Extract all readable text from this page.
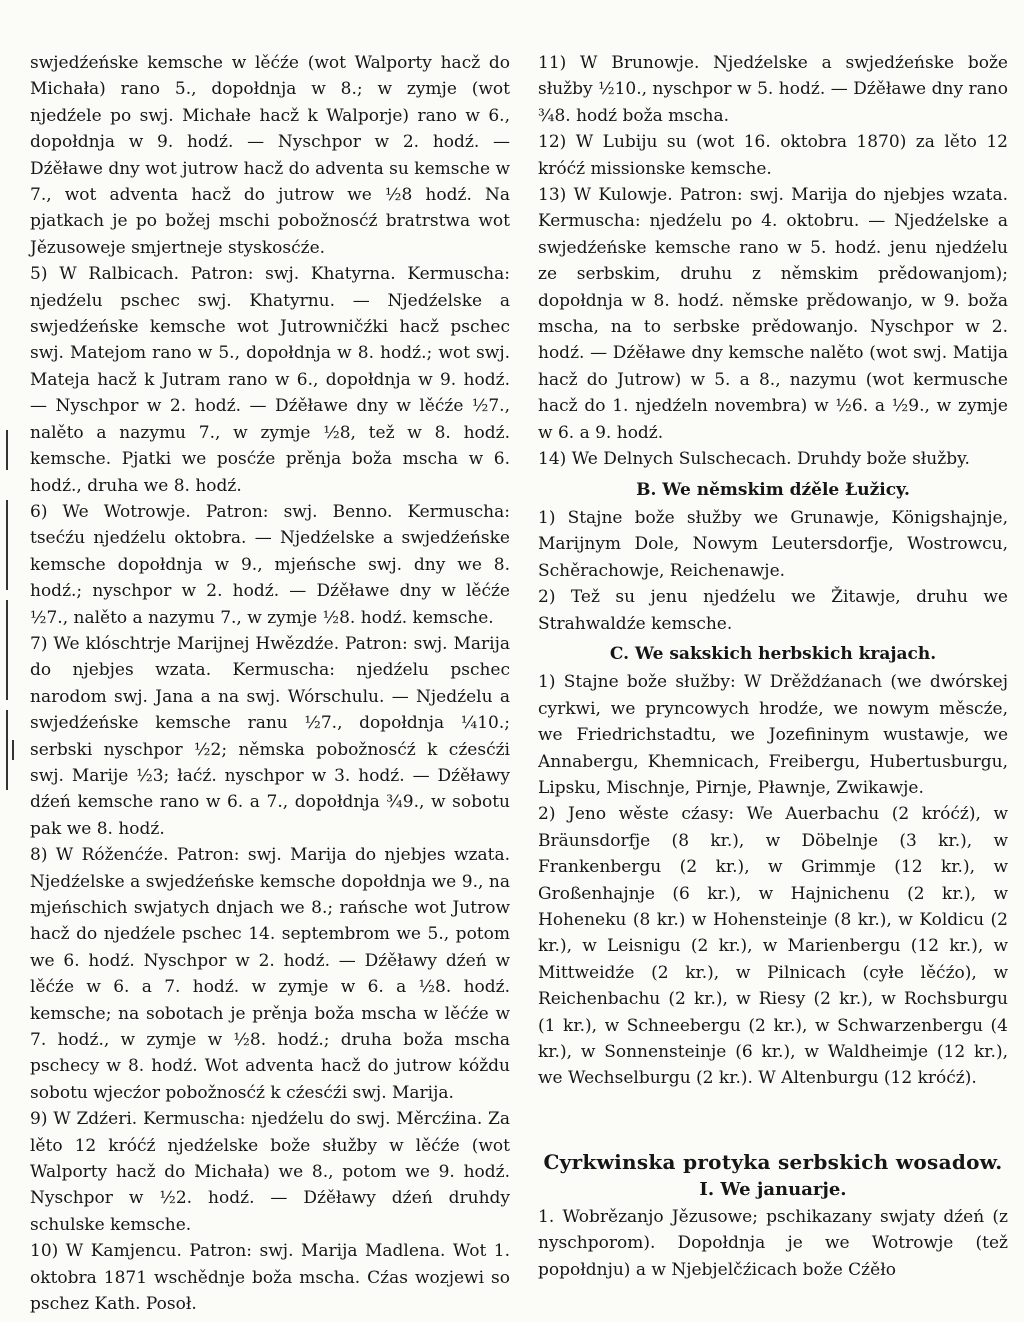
swjedźeńske kemsche w lěćźe (wot Walporty hacž do Michała) rano 5., dopołdnja w 8.; w zymje (wot njedźele po swj. Michałe hacž k Walporje) rano w 6., dopołdnja w 9. hodź. — Nyschpor w 2. hodź. — Dźěławe dny wot jutrow hacž do adventa su kemsche w 7., wot adventa hacž do jutrow we ½8 hodź. Na pjatkach je po božej mschi pobožnosćź bratrstwa wot Jězusoweje smjertneje styskosćźe.

5) W Ralbicach. Patron: swj. Khatyrna. Kermuscha: njedźelu pschec swj. Khatyrnu. — Njedźelske a swjedźeńske kemsche wot Jutrowničźki hacž pschec swj. Matejom rano w 5., dopołdnja w 8. hodź.; wot swj. Mateja hacž k Jutram rano w 6., dopołdnja w 9. hodź. — Nyschpor w 2. hodź. — Dźěławe dny w lěćźe ½7., nalěto a nazymu 7., w zymje ½8, tež w 8. hodź. kemsche. Pjatki we posćźe prěnja boža mscha w 6. hodź., druha we 8. hodź.

6) We Wotrowje. Patron: swj. Benno. Kermuscha: tsećźu njedźelu oktobra. — Njedźelske a swjedźeńske kemsche dopołdnja w 9., mjeńsche swj. dny we 8. hodź.; nyschpor w 2. hodź. — Dźěławe dny w lěćźe ½7., nalěto a nazymu 7., w zymje ½8. hodź. kemsche.

7) We klóschtrje Marijnej Hwězdźe. Patron: swj. Marija do njebjes wzata. Kermuscha: njedźelu pschec narodom swj. Jana a na swj. Wórschulu. — Njedźelu a swjedźeńske kemsche ranu ½7., dopołdnja ¼10.; serbski nyschpor ½2; němska pobožnosćź k cźesćźi swj. Marije ½3; łaćź. nyschpor w 3. hodź. — Dźěławy dźeń kemsche rano w 6. a 7., dopołdnja ¾9., w sobotu pak we 8. hodź.

8) W Róženćźe. Patron: swj. Marija do njebjes wzata. Njedźelske a swjedźeńske kemsche dopołdnja we 9., na mjeńschich swjatych dnjach we 8.; rańsche wot Jutrow hacž do njedźele pschec 14. septembrom we 5., potom we 6. hodź. Nyschpor w 2. hodź. — Dźěławy dźeń w lěćźe w 6. a 7. hodź. w zymje w 6. a ½8. hodź. kemsche; na sobotach je prěnja boža mscha w lěćźe w 7. hodź., w zymje w ½8. hodź.; druha boža mscha pschecy w 8. hodź. Wot adventa hacž do jutrow kóždu sobotu wjecźor pobožnosćź k cźesćźi swj. Marija.

9) W Zdźeri. Kermuscha: njedźelu do swj. Měrcźina. Za lěto 12 króćź njedźelske bože słužby w lěćźe (wot Walporty hacž do Michała) we 8., potom we 9. hodź. Nyschpor w ½2. hodź. — Dźěławy dźeń druhdy schulske kemsche.

10) W Kamjencu. Patron: swj. Marija Madlena. Wot 1. oktobra 1871 wschědnje boža mscha. Cźas wozjewi so pschez Kath. Posoł.

11) W Brunowje. Njedźelske a swjedźeńske bože słužby ½10., nyschpor w 5. hodź. — Dźěławe dny rano ¾8. hodź boža mscha.

12) W Lubiju su (wot 16. oktobra 1870) za lěto 12 króćź missionske kemsche.

13) W Kulowje. Patron: swj. Marija do njebjes wzata. Kermuscha: njedźelu po 4. oktobru. — Njedźelske a swjedźeńske kemsche rano w 5. hodź. jenu njedźelu ze serbskim, druhu z němskim prědowanjom); dopołdnja w 8. hodź. němske prědowanjo, w 9. boža mscha, na to serbske prědowanjo. Nyschpor w 2. hodź. — Dźěławe dny kemsche nalěto (wot swj. Matija hacž do Jutrow) w 5. a 8., nazymu (wot kermusche hacž do 1. njedźeln novembra) w ½6. a ½9., w zymje w 6. a 9. hodź.

14) We Delnych Sulschecach. Druhdy bože słužby.

B. We němskim dźěle Łužicy.

1) Stajne bože słužby we Grunawje, Königshajnje, Marijnym Dole, Nowym Leutersdorfje, Wostrowcu, Schěrachowje, Reichenawje.

2) Tež su jenu njedźelu we Žitawje, druhu we Strahwaldźe kemsche.

C. We sakskich herbskich krajach.

1) Stajne bože słužby: W Drěždźanach (we dwórskej cyrkwi, we pryncowych hrodźe, we nowym měscźe, we Friedrichstadtu, we Jozefininym wustawje, we Annabergu, Khemnicach, Freibergu, Hubertusburgu, Lipsku, Mischnje, Pirnje, Pławnje, Zwikawje.

2) Jeno wěste cźasy: We Auerbachu (2 króćź), w Bräunsdorfje (8 kr.), w Döbelnje (3 kr.), w Frankenbergu (2 kr.), w Grimmje (12 kr.), w Großenhajnje (6 kr.), w Hajnichenu (2 kr.), w Hoheneku (8 kr.) w Hohensteinje (8 kr.), w Koldicu (2 kr.), w Leisnigu (2 kr.), w Marienbergu (12 kr.), w Mittweidźe (2 kr.), w Pilnicach (cyłe lěćźo), w Reichenbachu (2 kr.), w Riesy (2 kr.), w Rochsburgu (1 kr.), w Schneebergu (2 kr.), w Schwarzenbergu (4 kr.), w Sonnensteinje (6 kr.), w Waldheimje (12 kr.), we Wechselburgu (2 kr.). W Altenburgu (12 króćź).

Cyrkwinska protyka serbskich wosadow.
I. We januarje.

1. Wobrězanjo Jězusowe; pschikazany swjaty dźeń (z nyschporom). Dopołdnja je we Wotrowje (tež popołdnju) a w Njebjelčźicach bože Cźěło
